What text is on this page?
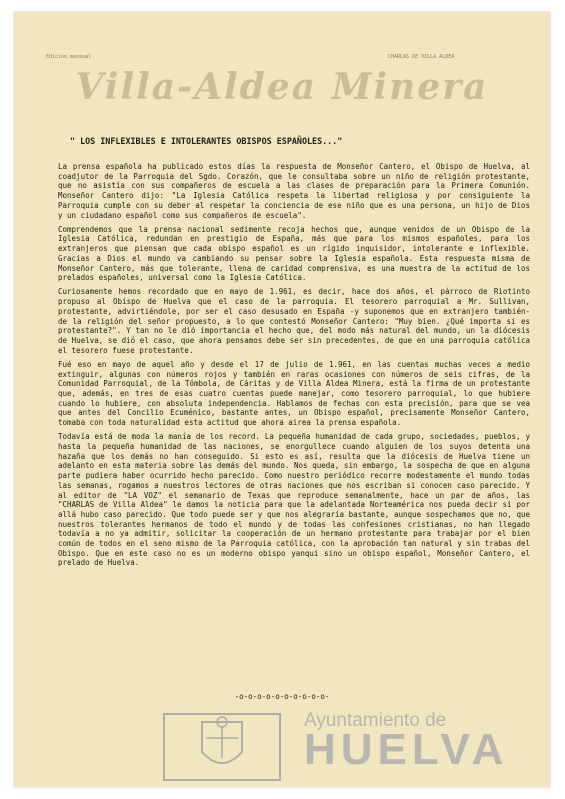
Edición mensual	CHARLAS DE VILLA ALDEA
Villa-Aldea Minera
" LOS INFLEXIBLES E INTOLERANTES OBISPOS ESPAÑOLES..."

La prensa española ha publicado estos días la respuesta de Monseñor Cantero, el Obispo de Huelva, al coadjutor de la Parroquia del Sgdo. Corazón, que le consultaba sobre un niño de religión protestante, que no asistía con sus compañeros de escuela a las clases de preparación para la Primera Comunión. Monseñor Cantero dijo: "La Iglesia Católica respeta la libertad religiosa y por consiguiente la Parroquia cumple con su deber al respetar la conciencia de ese niño que es una persona, un hijo de Dios y un ciudadano español como sus compañeros de escuela".

Comprendemos que la prensa nacional sedimente recoja hechos que, aunque venidos de un Obispo de la Iglesia Católica, redundan en prestigio de España, más que para los mismos españoles, para los extranjeros que piensan que cada obispo español es un rígido inquisidor, intolerante e inflexible. Gracias a Dios el mundo va cambiando su pensar sobre la Iglesia española. Esta respuesta misma de Monseñor Cantero, más que tolerante, llena de caridad comprensiva, es una muestra de la actitud de los prelados españoles, universal como la Iglesia Católica.

Curiosamente hemos recordado que en mayo de 1.961, es decir, hace dos años, el párroco de Riotinto propuso al Obispo de Huelva que el caso de la parroquia. El tesorero parroquial a Mr. Sullivan, protestante, advirtiéndole, por ser el caso desusado en España -y suponemos que en extranjero también- de la religión del señor propuesto, a lo que contestó Monseñor Cantero: "Muy bien. ¿Qué importa si es protestante?". Y tan no le dió importancia el hecho que, del modo más natural del mundo, un la diócesis de Huelva, se dió el caso, que ahora pensamos debe ser sin precedentes, de que en una parroquia católica el tesorero fuese protestante.

Fué eso en mayo de aquel año y desde el 17 de julio de 1.961, en las cuentas muchas veces a medio extinguir, algunas con números rojos y también en raras ocasiones con números de seis cifras, de la Comunidad Parroquial, de la Tómbola, de Cáritas y de Villa Aldea Minera, está la firma de un protestante que, además, en tres de esas cuatro cuentas puede manejar, como tesorero parroquial, lo que hubiere cuando lo hubiere, con absoluta independencia. Hablamos de fechas con esta precisión, para que se vea que antes del Concilio Ecuménico, bastante antes, un Obispo español, precisamente Monseñor Cantero, tomaba con toda naturalidad esta actitud que ahora airea la prensa española.

Todavía está de moda la manía de los record. La pequeña humanidad de cada grupo, sociedades, pueblos, y hasta la pequeña humanidad de las naciones, se enorgullece cuando alguien de los suyos detenta una hazaña que los demás no han conseguido. Si esto es así, resulta que la diócesis de Huelva tiene un adelanto en esta materia sobre las demás del mundo. Nos queda, sin embargo, la sospecha de que en alguna parte pudiera haber ocurrido hecho parecido. Como nuestro periódico recorre modestamente el mundo todas las semanas, rogamos a nuestros lectores de otras naciones que nos escriban si conocen caso parecido. Y al editor de "LA VOZ" el semanario de Texas que reproduce semanalmente, hace un par de años, las "CHARLAS de Villa Aldea" le damos la noticia para que la adelantada Norteamérica nos pueda decir si por allá hubo caso parecido. Que todo puede ser y que nos alegraría bastante, aunque sospechamos que no, que nuestros tolerantes hermanos de todo el mundo y de todas las confesiones cristianas, no han llegado todavía a no ya admitir, solicitar la cooperación de un hermano protestante para trabajar por el bien común de todos en el seno mismo de la Parroquia católica, con la aprobación tan natural y sin trabas del Obispo. Que en este caso no es un moderno obispo yanqui sino un obispo español, Monseñor Cantero, el prelado de Huelva.

-o-o-o-o-o-o-o-o-o-o-
Ayuntamiento de
HUELVA
